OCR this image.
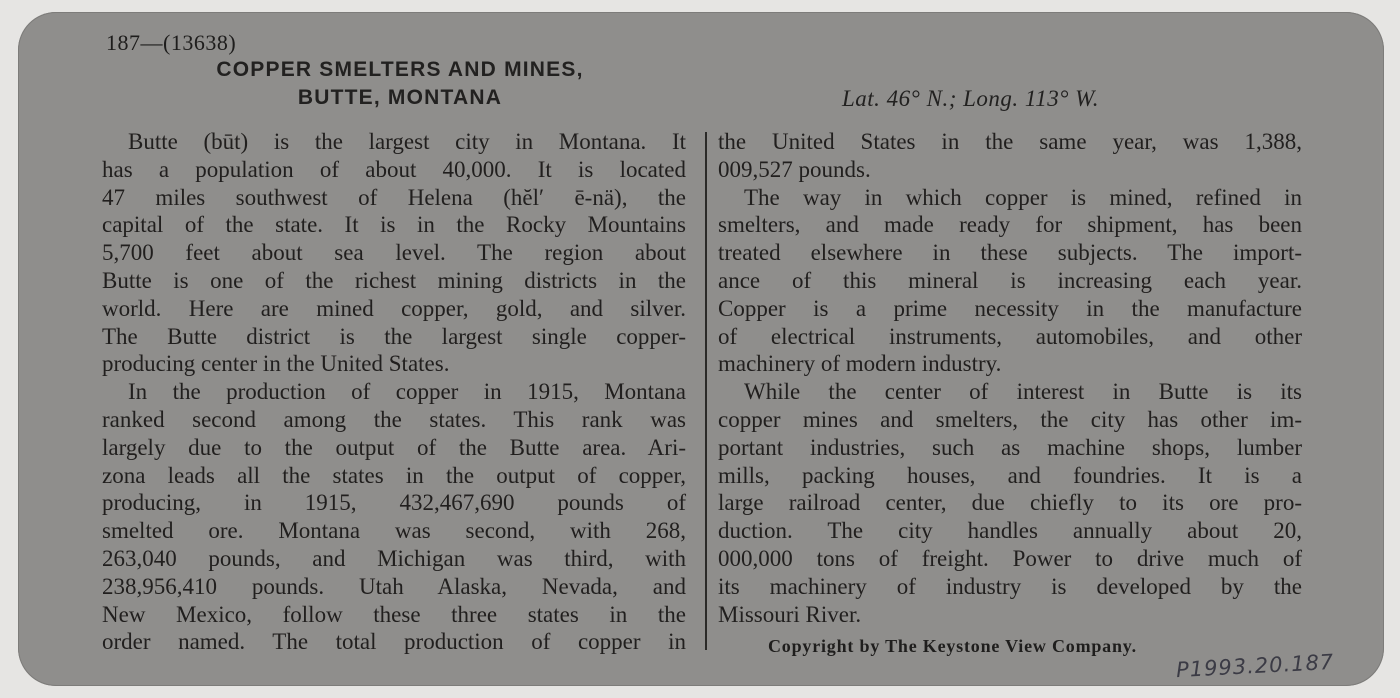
187—(13638)
COPPER SMELTERS AND MINES,
BUTTE, MONTANA	Lat. 46° N.; Long. 113° W.
Butte (būt) is the largest city in Montana. It
has a population of about 40,000. It is located
47 miles southwest of Helena (hĕl′ ē-nä), the
capital of the state. It is in the Rocky Mountains
5,700 feet about sea level. The region about
Butte is one of the richest mining districts in the
world. Here are mined copper, gold, and silver.
The Butte district is the largest single copper-
producing center in the United States.
In the production of copper in 1915, Montana
ranked second among the states. This rank was
largely due to the output of the Butte area. Ari-
zona leads all the states in the output of copper,
producing, in 1915, 432,467,690 pounds of
smelted ore. Montana was second, with 268,
263,040 pounds, and Michigan was third, with
238,956,410 pounds. Utah Alaska, Nevada, and
New Mexico, follow these three states in the
order named. The total production of copper in
the United States in the same year, was 1,388,
009,527 pounds.
The way in which copper is mined, refined in
smelters, and made ready for shipment, has been
treated elsewhere in these subjects. The import-
ance of this mineral is increasing each year.
Copper is a prime necessity in the manufacture
of electrical instruments, automobiles, and other
machinery of modern industry.
While the center of interest in Butte is its
copper mines and smelters, the city has other im-
portant industries, such as machine shops, lumber
mills, packing houses, and foundries. It is a
large railroad center, due chiefly to its ore pro-
duction. The city handles annually about 20,
000,000 tons of freight. Power to drive much of
its machinery of industry is developed by the
Missouri River.
Copyright by The Keystone View Company.
P1993.20.187
